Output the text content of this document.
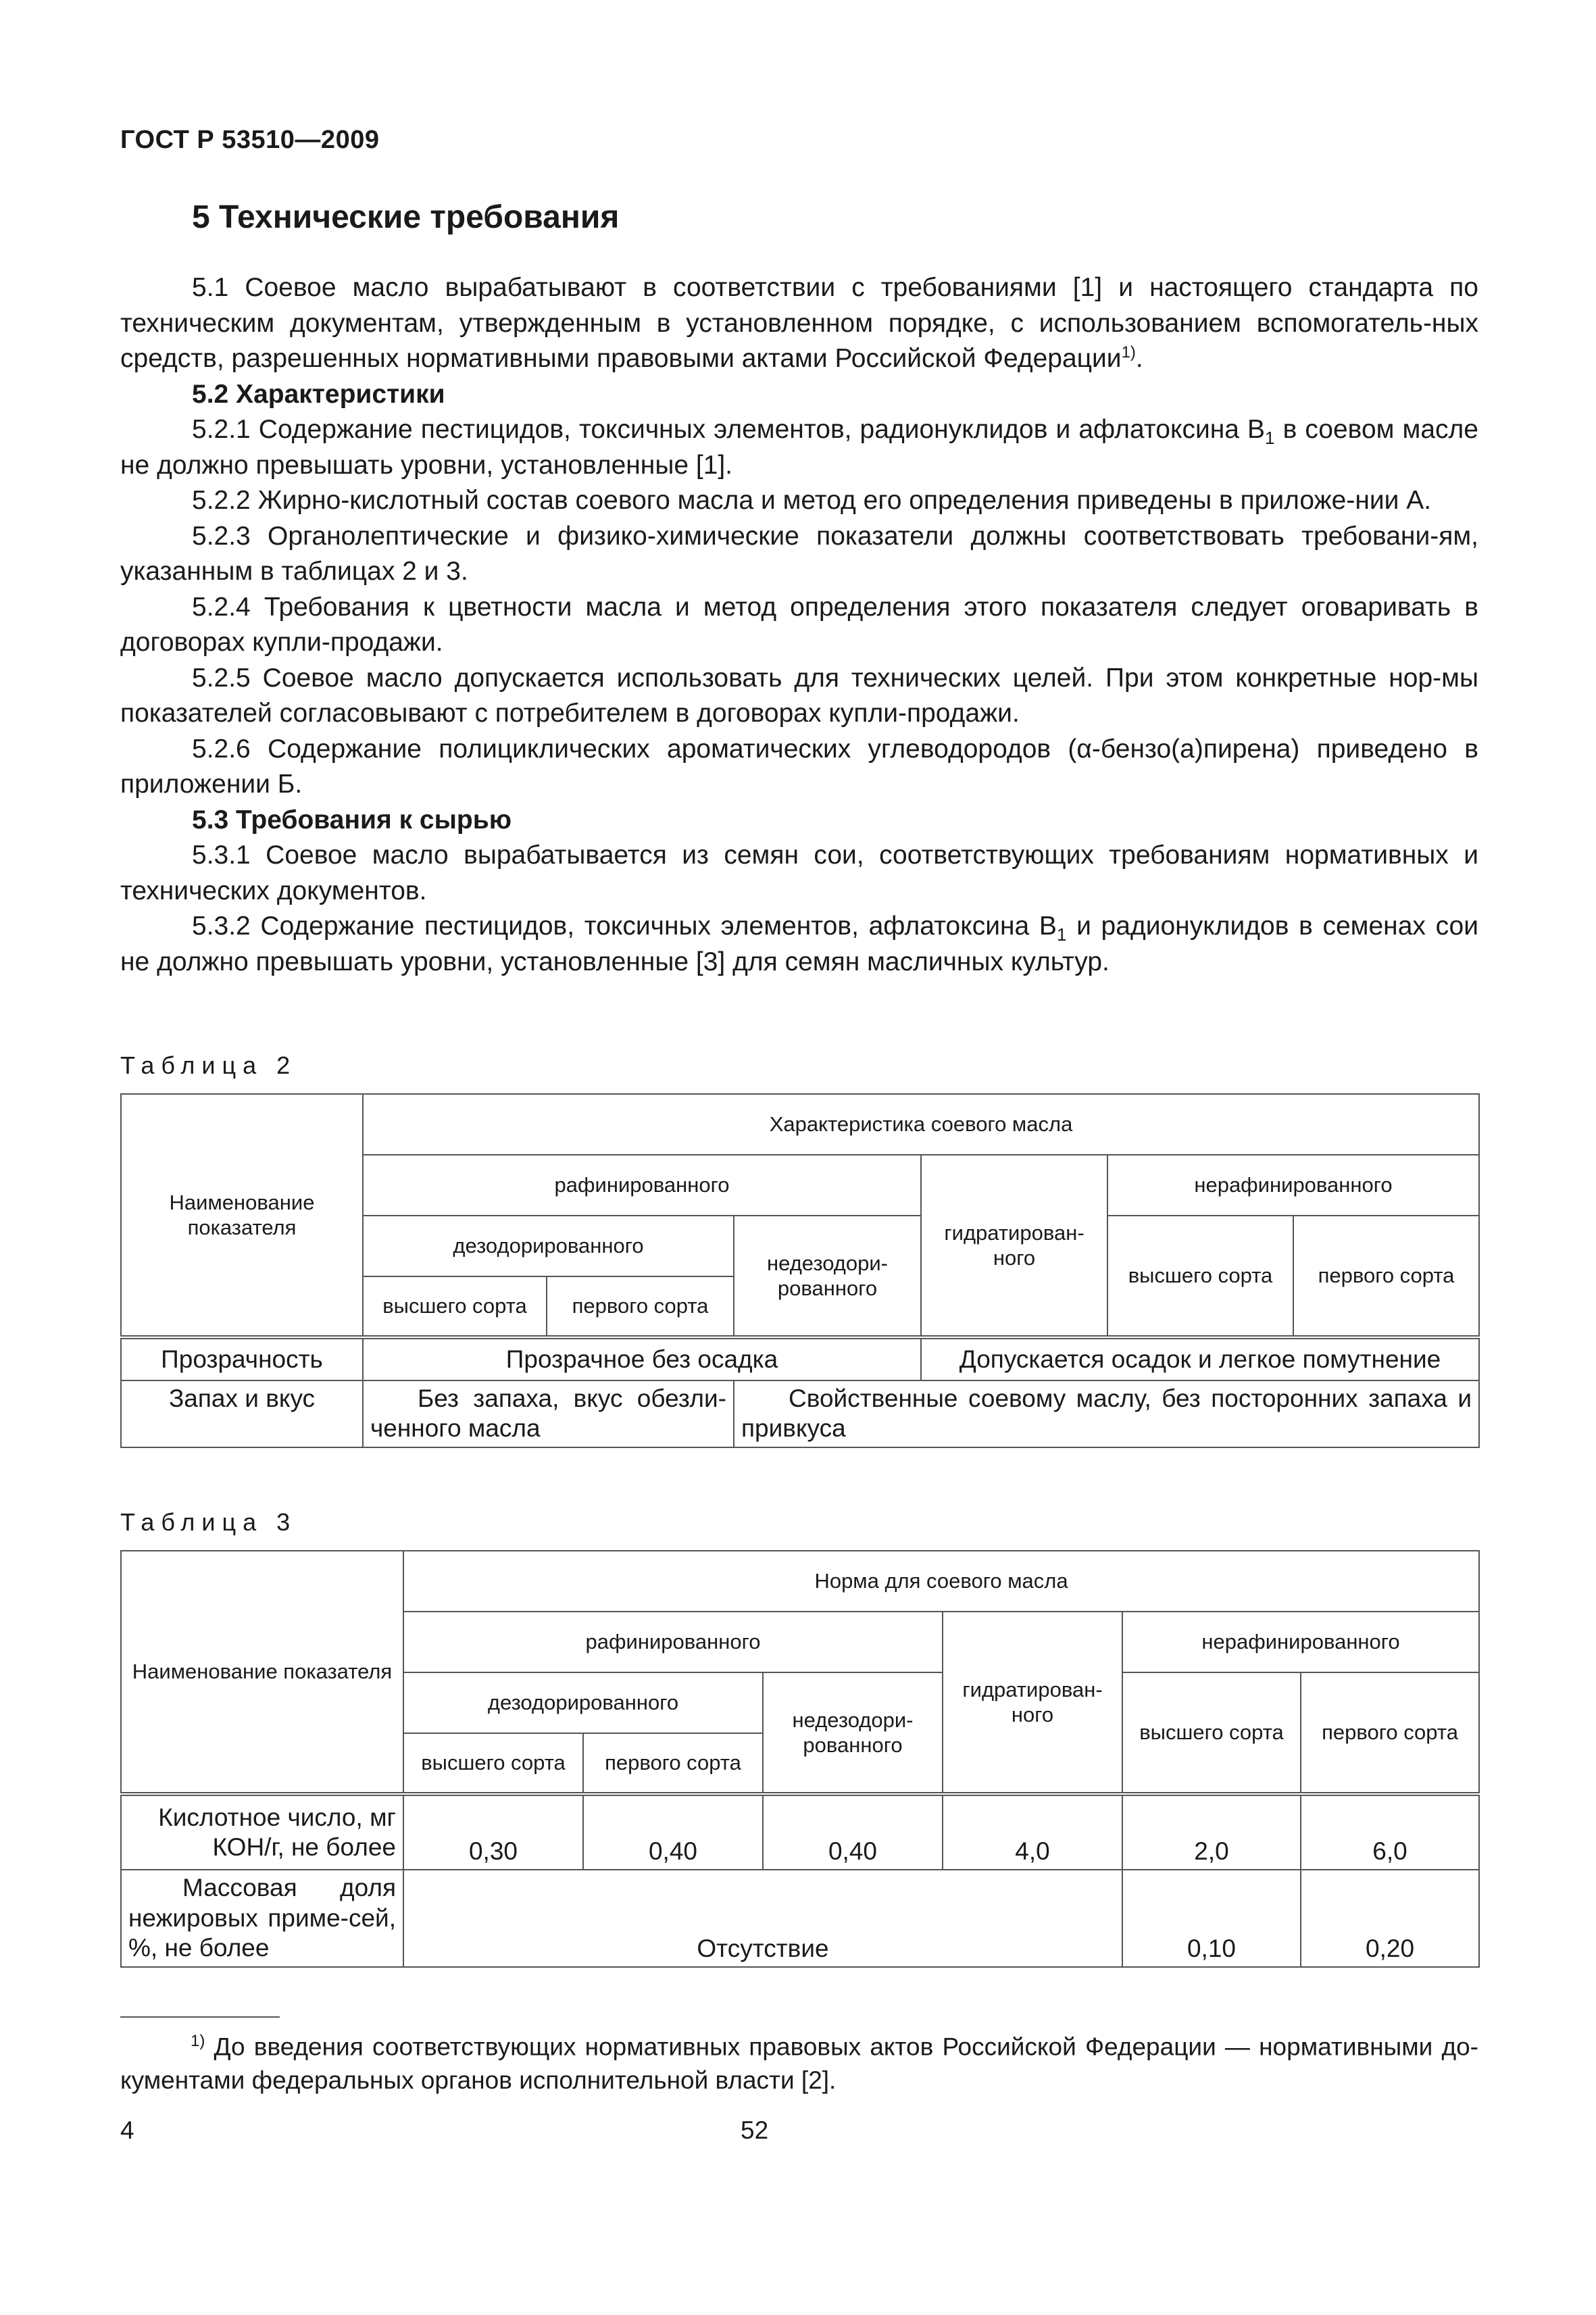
ГОСТ Р 53510—2009
5 Технические требования

5.1 Соевое масло вырабатывают в соответствии с требованиями [1] и настоящего стандарта по техническим документам, утвержденным в установленном порядке, с использованием вспомогатель-ных средств, разрешенных нормативными правовыми актами Российской Федерации$^{1)}$.

5.2 Характеристики

5.2.1 Содержание пестицидов, токсичных элементов, радионуклидов и афлатоксина $B_1$ в соевом масле не должно превышать уровни, установленные [1].

5.2.2 Жирно-кислотный состав соевого масла и метод его определения приведены в приложе-нии А.

5.2.3 Органолептические и физико-химические показатели должны соответствовать требовани-ям, указанным в таблицах 2 и 3.

5.2.4 Требования к цветности масла и метод определения этого показателя следует оговаривать в договорах купли-продажи.

5.2.5 Соевое масло допускается использовать для технических целей. При этом конкретные нор-мы показателей согласовывают с потребителем в договорах купли-продажи.

5.2.6 Содержание полициклических ароматических углеводородов (α-бензо(а)пирена) приведено в приложении Б.

5.3 Требования к сырью

5.3.1 Соевое масло вырабатывается из семян сои, соответствующих требованиям нормативных и технических документов.

5.3.2 Содержание пестицидов, токсичных элементов, афлатоксина $B_1$ и радионуклидов в семенах сои не должно превышать уровни, установленные [3] для семян масличных культур.

Таблица 2
Наименование показателя	Характеристика соевого масла					
	рафинированного			гидратирован-ного	нерафинированного	
	дезодорированного		недезодори-рованного		высшего сорта	первого сорта
	высшего сорта	первого сорта				
Прозрачность	Прозрачное без осадка			Допускается осадок и легкое помутнение		
Запах и вкус	Без запаха, вкус обезли-ченного масла		Свойственные соевому маслу, без посторонних запаха и привкуса			
Таблица 3
Наименование показателя	Норма для соевого масла					
	рафинированного			гидратирован-ного	нерафинированного	
	дезодорированного		недезодори-рованного		высшего сорта	первого сорта
	высшего сорта	первого сорта				
Кислотное число, мг КОН/г, не более	0,30	0,40	0,40	4,0	2,0	6,0
Массовая доля нежировых приме-сей, %, не более	Отсутствие				0,10	0,20
$^{1)}$ До введения соответствующих нормативных правовых актов Российской Федерации — нормативными до-кументами федеральных органов исполнительной власти [2].
4	52
